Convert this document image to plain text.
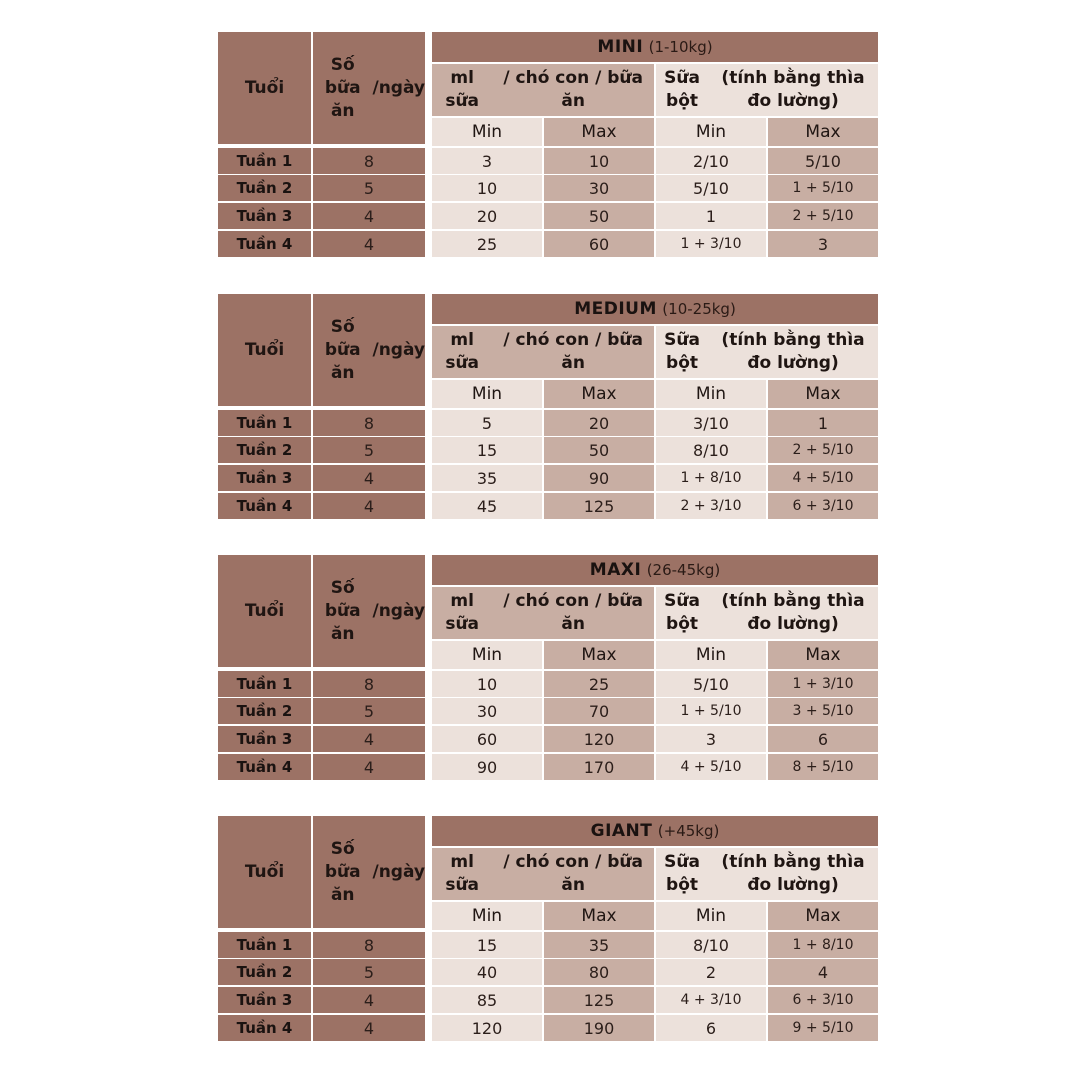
Tuổi
Số bữa ăn
/ngày
MINI
(1-10kg)
ml sữa
/ chó con / bữa ăn
Sữa bột
(tính bằng thìa đo lường)
Min	Max	Min	Max
Tuần 1	8	3	10	2/10	5/10
Tuần 2	5	10	30	5/10	1 + 5/10
Tuần 3	4	20	50	1	2 + 5/10
Tuần 4	4	25	60	1 + 3/10	3
Tuổi
Số bữa ăn
/ngày
MEDIUM
(10-25kg)
ml sữa
/ chó con / bữa ăn
Sữa bột
(tính bằng thìa đo lường)
Min	Max	Min	Max
Tuần 1	8	5	20	3/10	1
Tuần 2	5	15	50	8/10	2 + 5/10
Tuần 3	4	35	90	1 + 8/10	4 + 5/10
Tuần 4	4	45	125	2 + 3/10	6 + 3/10
Tuổi
Số bữa ăn
/ngày
MAXI
(26-45kg)
ml sữa
/ chó con / bữa ăn
Sữa bột
(tính bằng thìa đo lường)
Min	Max	Min	Max
Tuần 1	8	10	25	5/10	1 + 3/10
Tuần 2	5	30	70	1 + 5/10	3 + 5/10
Tuần 3	4	60	120	3	6
Tuần 4	4	90	170	4 + 5/10	8 + 5/10
Tuổi
Số bữa ăn
/ngày
GIANT
(+45kg)
ml sữa
/ chó con / bữa ăn
Sữa bột
(tính bằng thìa đo lường)
Min	Max	Min	Max
Tuần 1	8	15	35	8/10	1 + 8/10
Tuần 2	5	40	80	2	4
Tuần 3	4	85	125	4 + 3/10	6 + 3/10
Tuần 4	4	120	190	6	9 + 5/10
